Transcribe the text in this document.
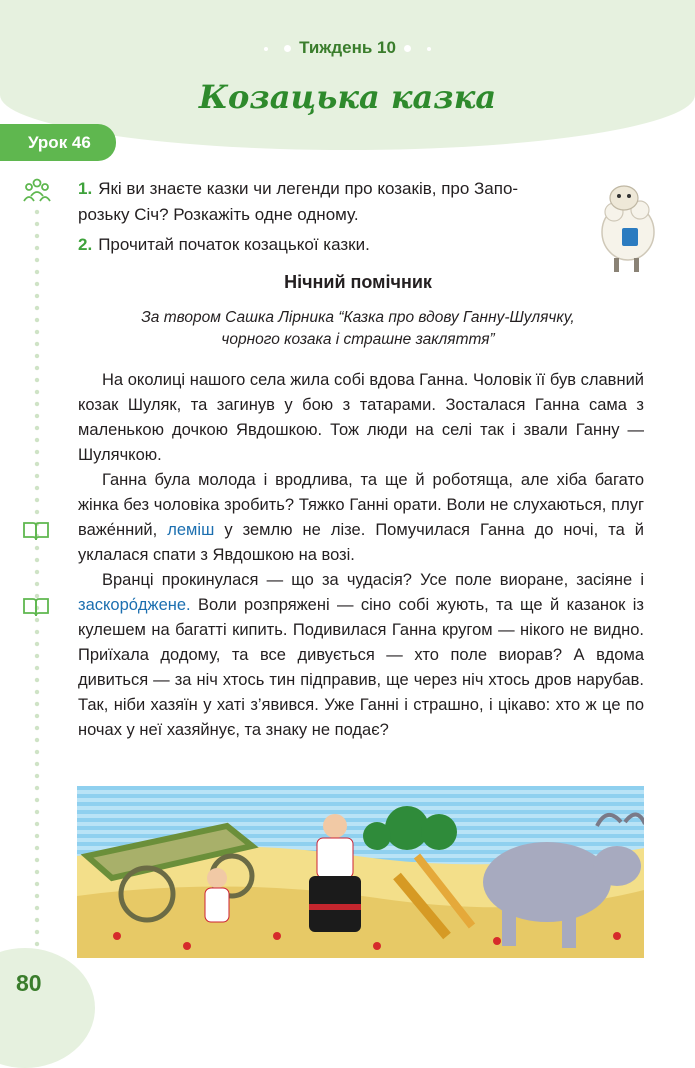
Тиждень 10
Козацька казка
Урок 46
1. Які ви знаєте казки чи легенди про козаків, про Запо-
розьку Січ? Розкажіть одне одному.
2. Прочитай початок козацької казки.
Нічний помічник
За твором Сашка Лірника “Казка про вдову Ганну-Шулячку,
чорного козака і страшне закляття”

На околиці нашого села жила собі вдова Ганна. Чоловік її був славний козак Шуляк, та загинув у бою з татарами. Зосталася Ганна сама з маленькою дочкою Явдошкою. Тож люди на селі так і звали Ганну — Шулячкою.

Ганна була молода і вродлива, та ще й роботяща, але хіба багато жінка без чоловіка зробить? Тяжко Ганні орати. Воли не слухаються, плуг важе́нний, леміш у землю не лізе. Помучилася Ганна до ночі, та й уклалася спати з Явдошкою на возі.

Вранці прокинулася — що за чудасія? Усе поле виоране, засіяне і заскоро́джене. Воли розпряжені — сіно собі жують, та ще й казанок із кулешем на багатті кипить. Подивилася Ганна кругом — нікого не видно. Приїхала додому, та все дивується — хто поле виорав? А вдома дивиться — за ніч хтось тин підправив, ще через ніч хтось дров нарубав. Так, ніби хазяїн у хаті з’явився. Уже Ганні і страшно, і цікаво: хто ж це по ночах у неї хазяйнує, та знаку не подає?

80
